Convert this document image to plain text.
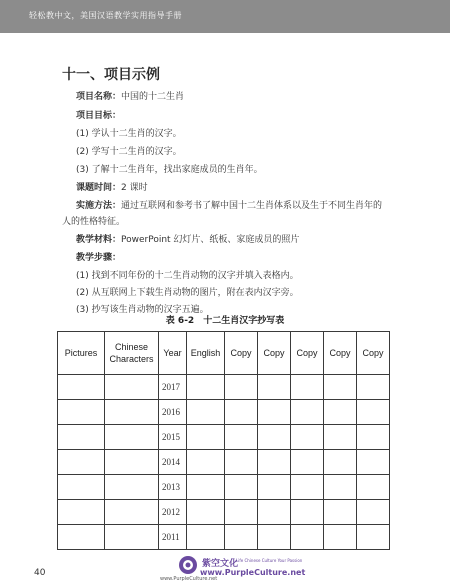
轻松教中文，美国汉语教学实用指导手册
十一、项目示例
项目名称：中国的十二生肖
项目目标：
(1) 学认十二生肖的汉字。
(2) 学写十二生肖的汉字。
(3) 了解十二生肖年，找出家庭成员的生肖年。
课题时间：2 课时
实施方法：通过互联网和参考书了解中国十二生肖体系以及生于不同生肖年的
人的性格特征。
教学材料：PowerPoint 幻灯片、纸板、家庭成员的照片
教学步骤：
(1) 找到不同年份的十二生肖动物的汉字并填入表格内。
(2) 从互联网上下载生肖动物的图片，附在表内汉字旁。
(3) 抄写该生肖动物的汉字五遍。
表 6-2　十二生肖汉字抄写表
Pictures	Chinese Characters	Year	English	Copy	Copy	Copy	Copy	Copy
		2017						
		2016						
		2015						
		2014						
		2013						
		2012						
		2011						
40
紫空文化
Life Chinese Culture Your Passion
www.PurpleCulture.net
www.PurpleCulture.net
